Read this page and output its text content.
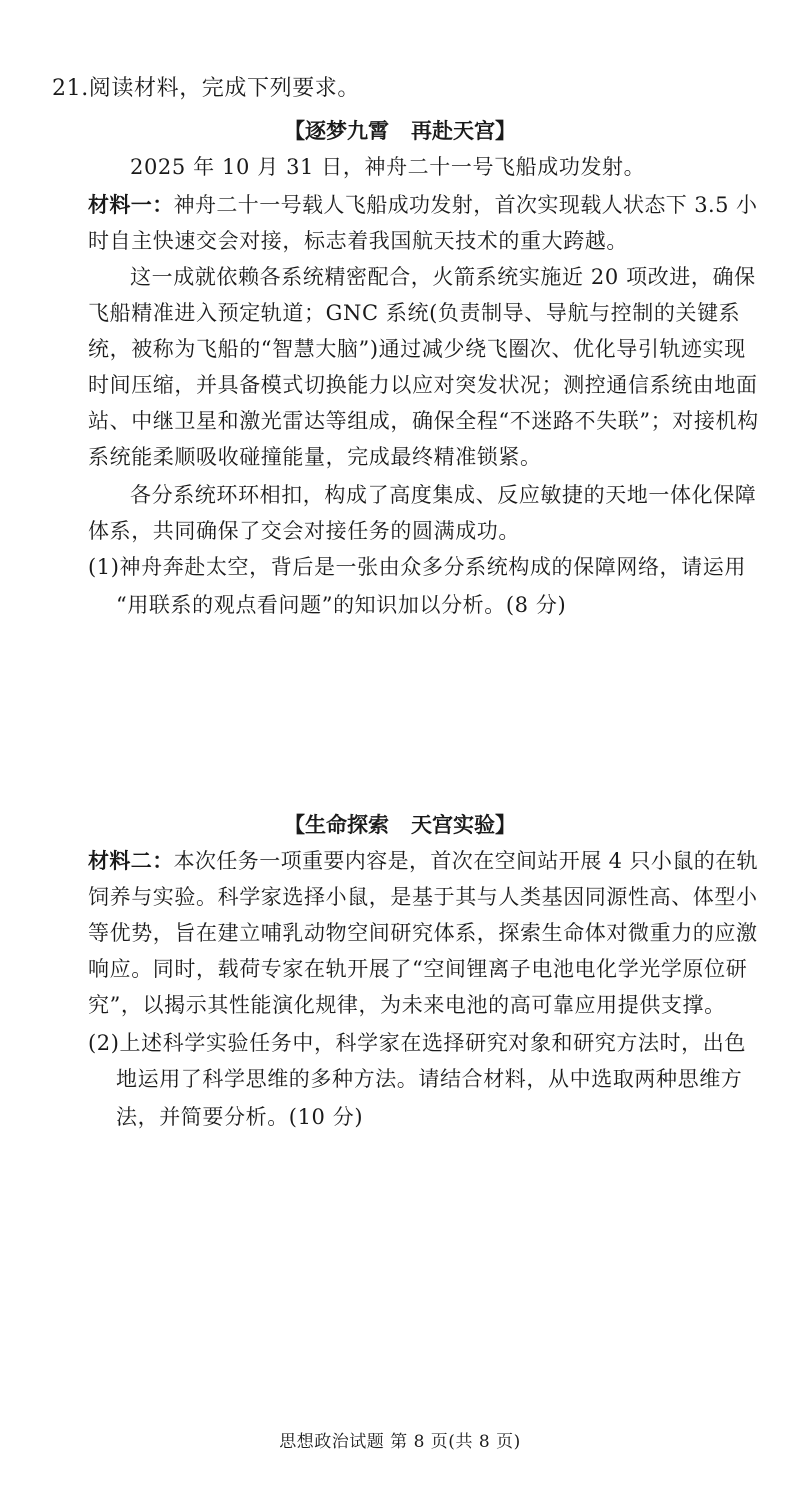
21.阅读材料，完成下列要求。
【逐梦九霄   再赴天宫】
2025 年 10 月 31 日，神舟二十一号飞船成功发射。
材料一：神舟二十一号载人飞船成功发射，首次实现载人状态下 3.5 小
时自主快速交会对接，标志着我国航天技术的重大跨越。
这一成就依赖各系统精密配合，火箭系统实施近 20 项改进，确保
飞船精准进入预定轨道；GNC 系统(负责制导、导航与控制的关键系
统，被称为飞船的“智慧大脑”)通过减少绕飞圈次、优化导引轨迹实现
时间压缩，并具备模式切换能力以应对突发状况；测控通信系统由地面
站、中继卫星和激光雷达等组成，确保全程“不迷路不失联”；对接机构
系统能柔顺吸收碰撞能量，完成最终精准锁紧。
各分系统环环相扣，构成了高度集成、反应敏捷的天地一体化保障
体系，共同确保了交会对接任务的圆满成功。
(1)神舟奔赴太空，背后是一张由众多分系统构成的保障网络，请运用
“用联系的观点看问题”的知识加以分析。(8 分)
【生命探索   天宫实验】
材料二：本次任务一项重要内容是，首次在空间站开展 4 只小鼠的在轨
饲养与实验。科学家选择小鼠，是基于其与人类基因同源性高、体型小
等优势，旨在建立哺乳动物空间研究体系，探索生命体对微重力的应激
响应。同时，载荷专家在轨开展了“空间锂离子电池电化学光学原位研
究”，以揭示其性能演化规律，为未来电池的高可靠应用提供支撑。
(2)上述科学实验任务中，科学家在选择研究对象和研究方法时，出色
地运用了科学思维的多种方法。请结合材料，从中选取两种思维方
法，并简要分析。(10 分)
思想政治试题 第 8 页(共 8 页)
